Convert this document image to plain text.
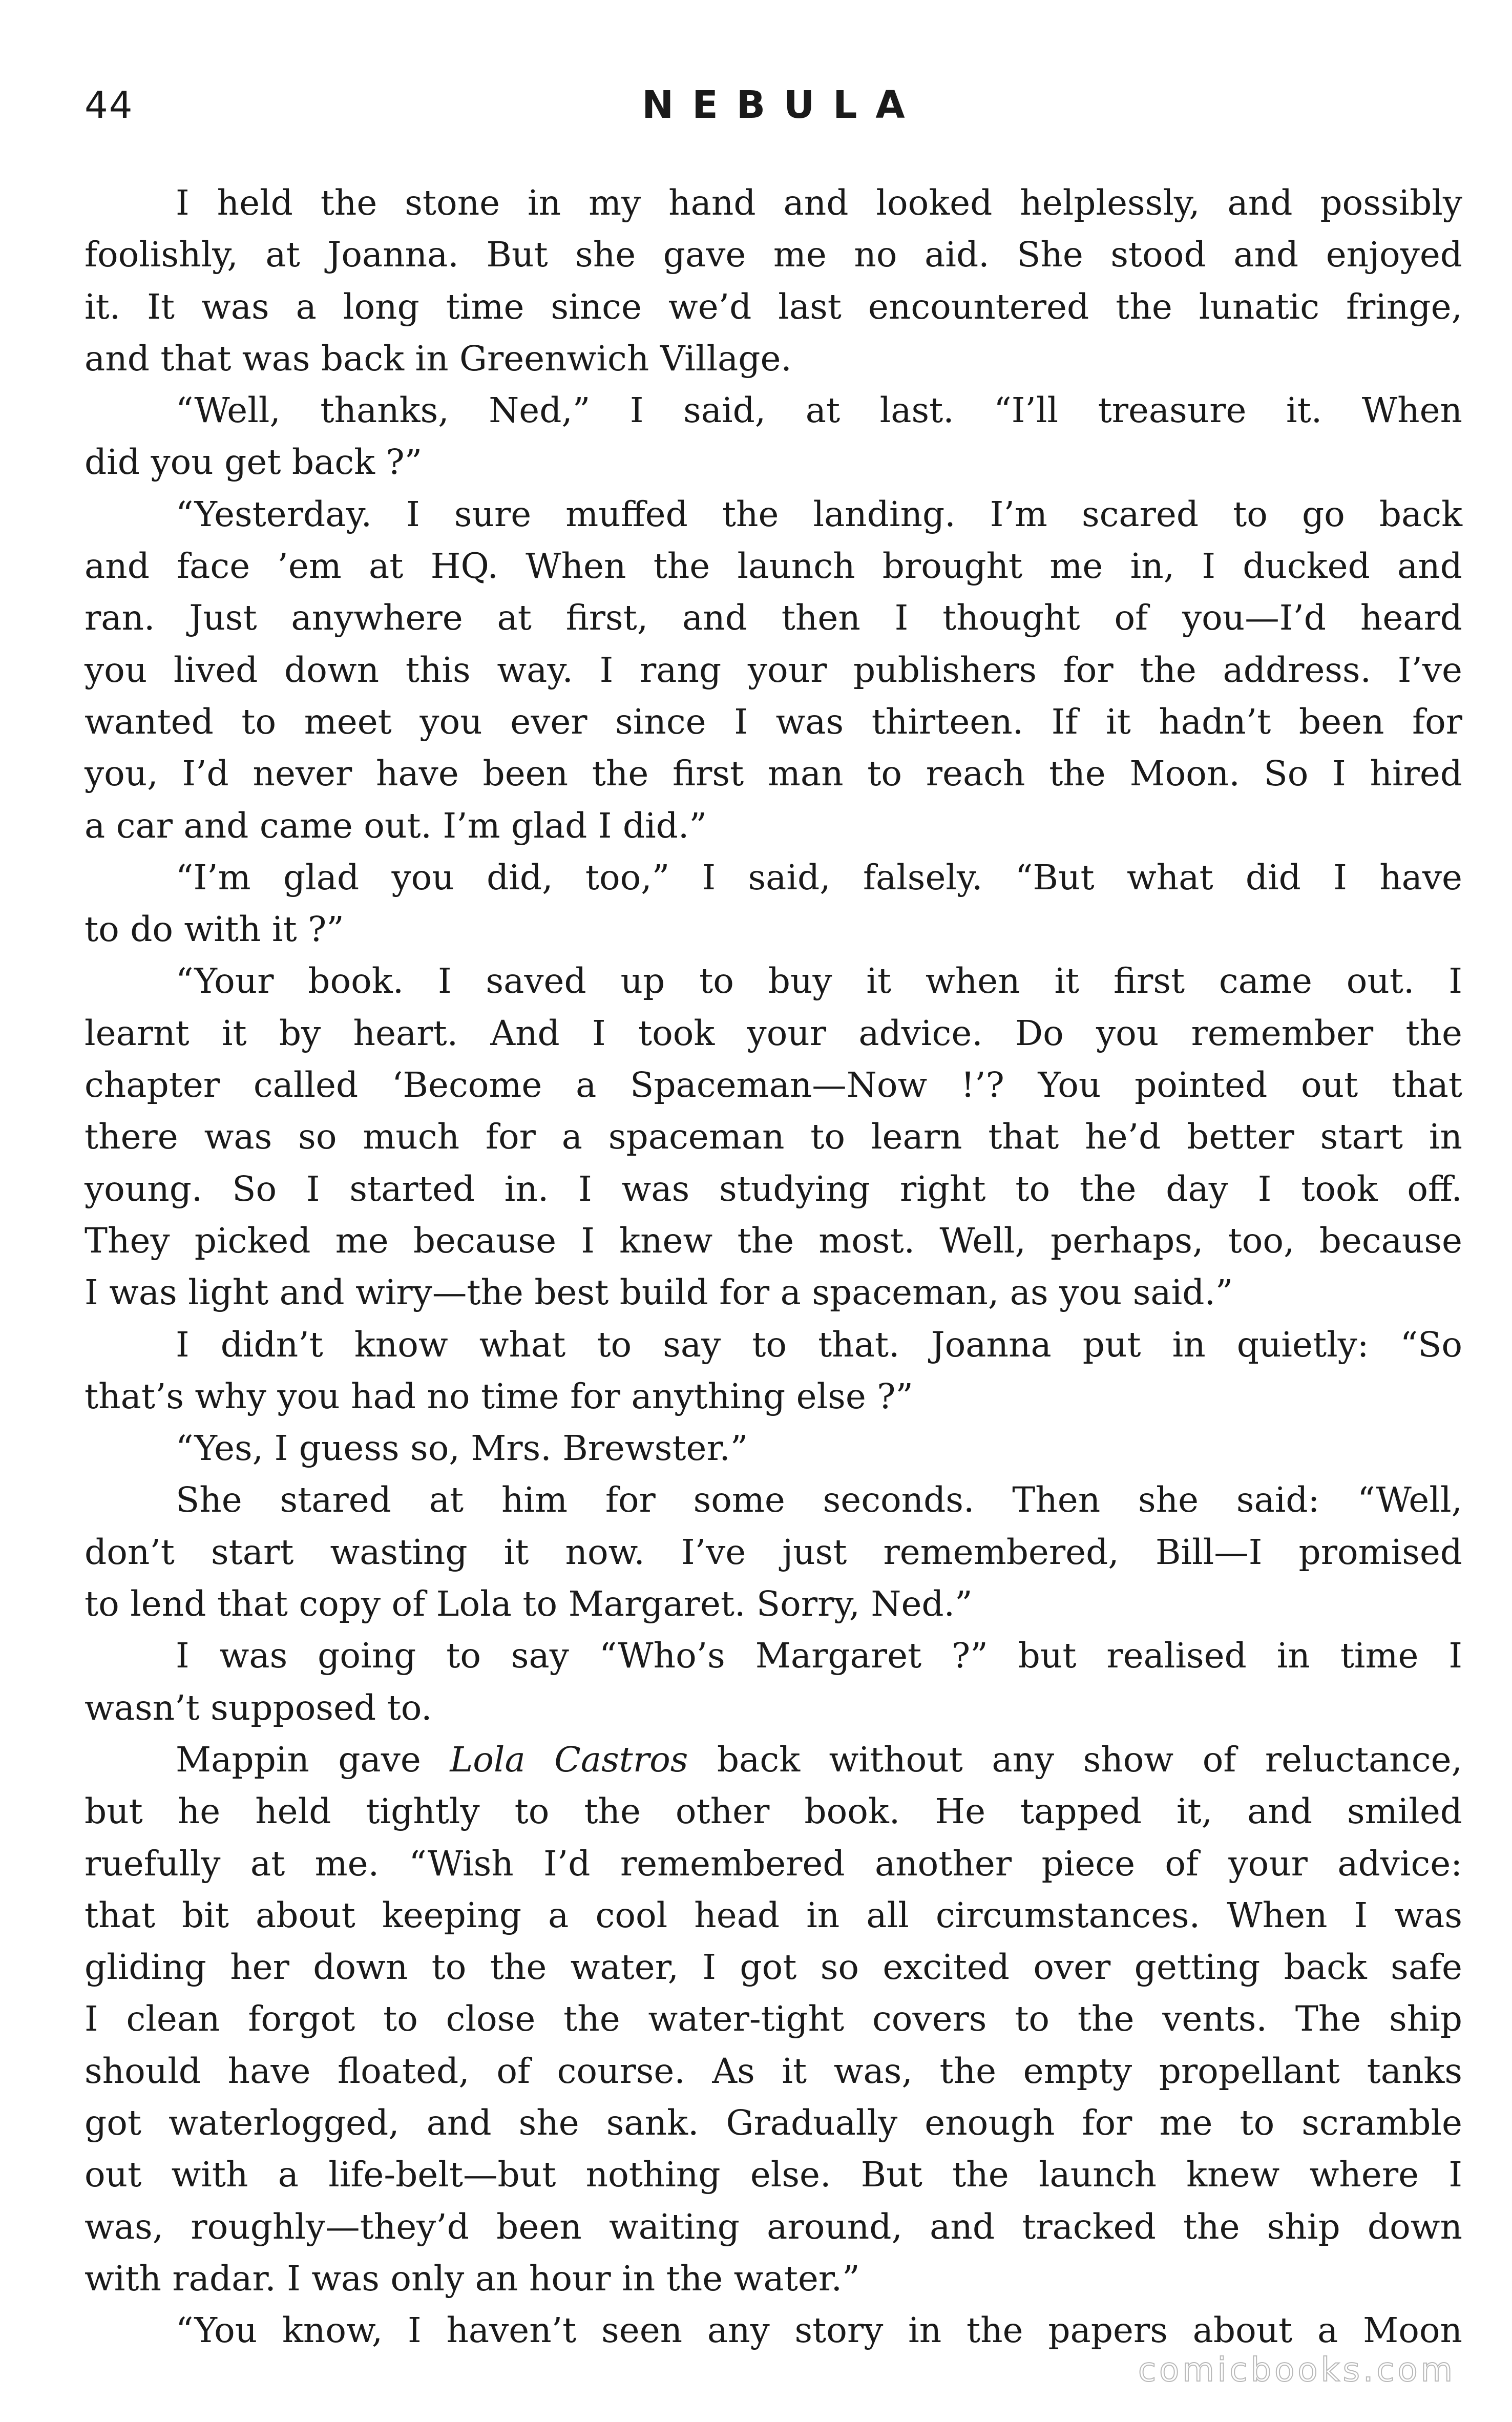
44	NEBULA

I held the stone in my hand and looked helplessly, and possibly
foolishly, at Joanna. But she gave me no aid. She stood and enjoyed
it. It was a long time since we’d last encountered the lunatic fringe,
and that was back in Greenwich Village.

“Well, thanks, Ned,” I said, at last. “I’ll treasure it. When
did you get back ?”

“Yesterday. I sure muffed the landing. I’m scared to go back
and face ’em at HQ. When the launch brought me in, I ducked and
ran. Just anywhere at first, and then I thought of you—I’d heard
you lived down this way. I rang your publishers for the address. I’ve
wanted to meet you ever since I was thirteen. If it hadn’t been for
you, I’d never have been the first man to reach the Moon. So I hired
a car and came out. I’m glad I did.”

“I’m glad you did, too,” I said, falsely. “But what did I have
to do with it ?”

“Your book. I saved up to buy it when it first came out. I
learnt it by heart. And I took your advice. Do you remember the
chapter called ‘Become a Spaceman—Now !’? You pointed out that
there was so much for a spaceman to learn that he’d better start in
young. So I started in. I was studying right to the day I took off.
They picked me because I knew the most. Well, perhaps, too, because
I was light and wiry—the best build for a spaceman, as you said.”

I didn’t know what to say to that. Joanna put in quietly: “So
that’s why you had no time for anything else ?”

“Yes, I guess so, Mrs. Brewster.”

She stared at him for some seconds. Then she said: “Well,
don’t start wasting it now. I’ve just remembered, Bill—I promised
to lend that copy of Lola to Margaret. Sorry, Ned.”

I was going to say “Who’s Margaret ?” but realised in time I
wasn’t supposed to.

Mappin gave Lola Castros back without any show of reluctance,
but he held tightly to the other book. He tapped it, and smiled
ruefully at me. “Wish I’d remembered another piece of your advice:
that bit about keeping a cool head in all circumstances. When I was
gliding her down to the water, I got so excited over getting back safe
I clean forgot to close the water-tight covers to the vents. The ship
should have floated, of course. As it was, the empty propellant tanks
got waterlogged, and she sank. Gradually enough for me to scramble
out with a life-belt—but nothing else. But the launch knew where I
was, roughly—they’d been waiting around, and tracked the ship down
with radar. I was only an hour in the water.”

“You know, I haven’t seen any story in the papers about a Moon

comicbooks.com
